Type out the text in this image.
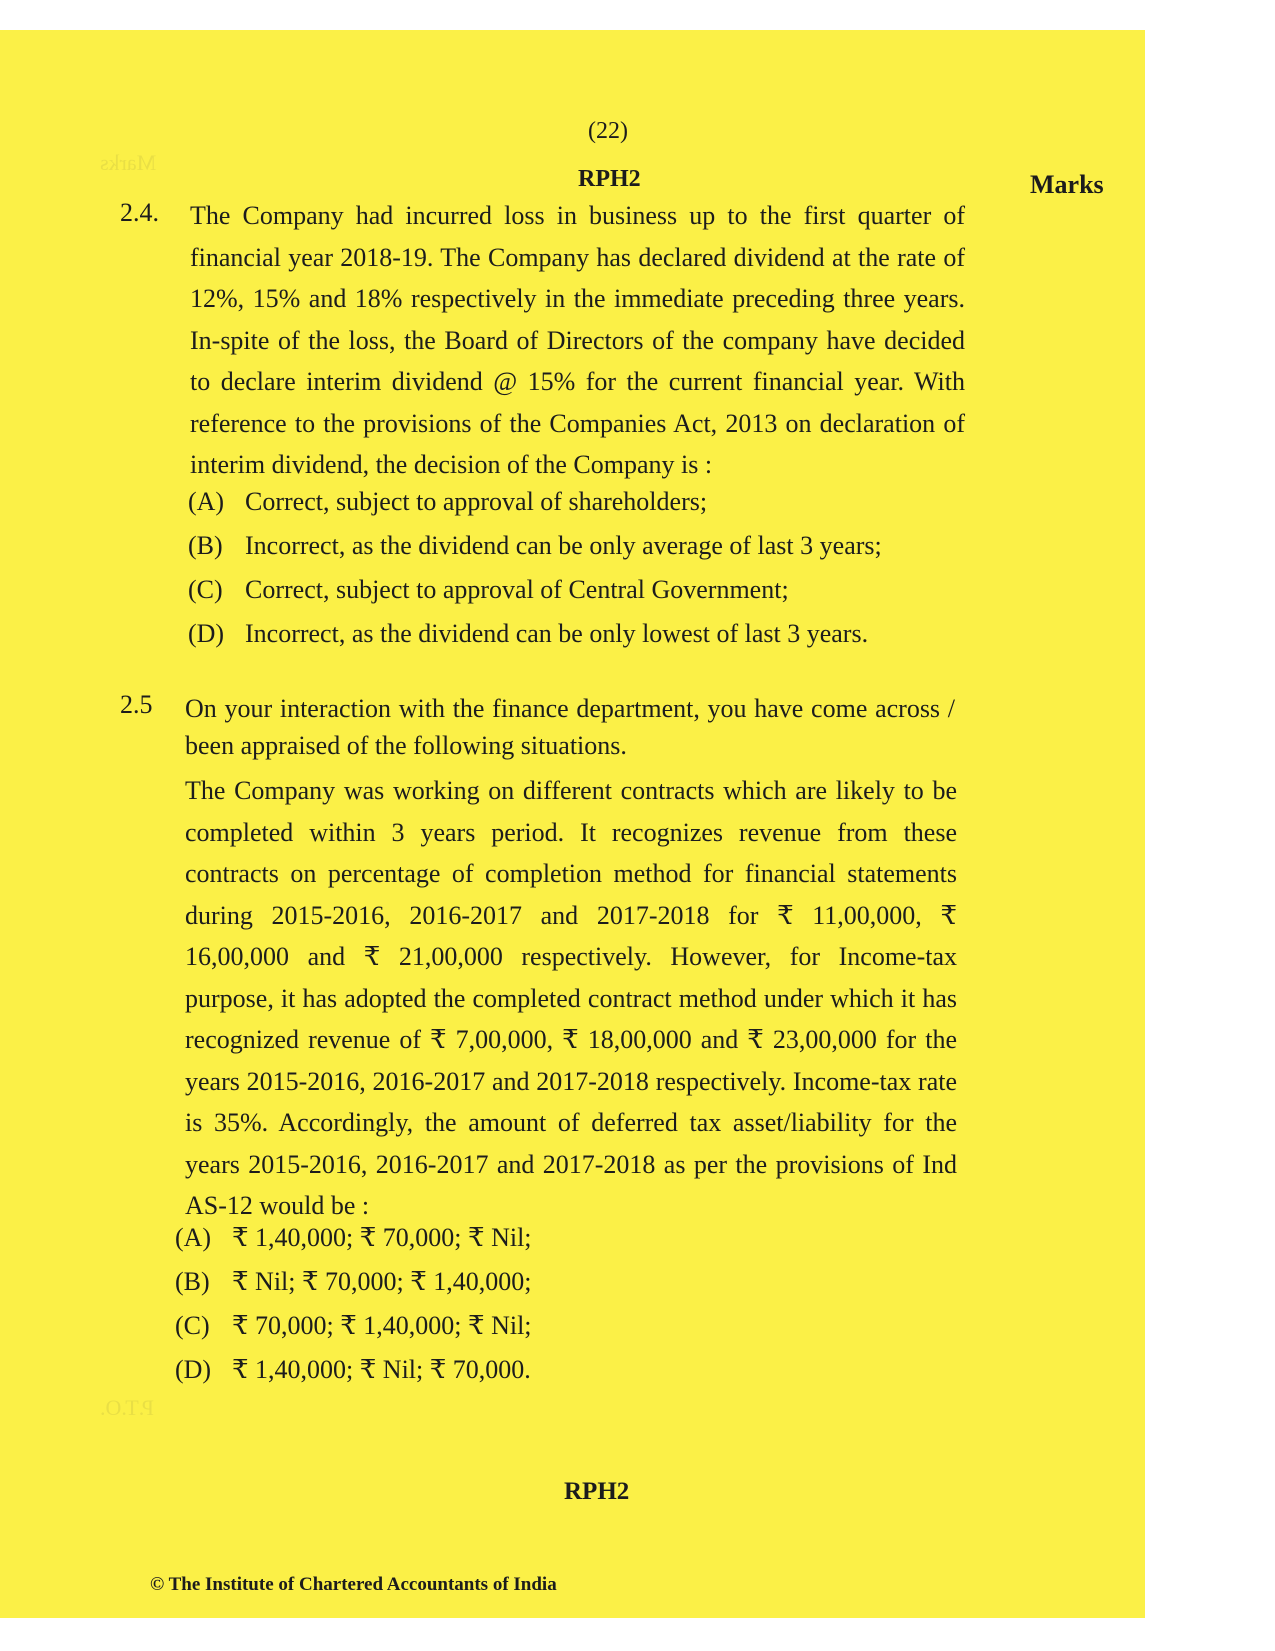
Marks
P.T.O.
(22)
RPH2	Marks
2.4. The Company had incurred loss in business up to the first quarter of financial year 2018-19. The Company has declared dividend at the rate of 12%, 15% and 18% respectively in the immediate preceding three years. In-spite of the loss, the Board of Directors of the company have decided to declare interim dividend @ 15% for the current financial year. With reference to the provisions of the Companies Act, 2013 on declaration of interim dividend, the decision of the Company is :
(A) Correct, subject to approval of shareholders;
(B) Incorrect, as the dividend can be only average of last 3 years;
(C) Correct, subject to approval of Central Government;
(D) Incorrect, as the dividend can be only lowest of last 3 years.
2.5 On your interaction with the finance department, you have come across / been appraised of the following situations.
The Company was working on different contracts which are likely to be completed within 3 years period. It recognizes revenue from these contracts on percentage of completion method for financial statements during 2015-2016, 2016-2017 and 2017-2018 for ₹ 11,00,000, ₹ 16,00,000 and ₹ 21,00,000 respectively. However, for Income-tax purpose, it has adopted the completed contract method under which it has recognized revenue of ₹ 7,00,000, ₹ 18,00,000 and ₹ 23,00,000 for the years 2015-2016, 2016-2017 and 2017-2018 respectively. Income-tax rate is 35%. Accordingly, the amount of deferred tax asset/liability for the years 2015-2016, 2016-2017 and 2017-2018 as per the provisions of Ind AS-12 would be :
(A) ₹ 1,40,000; ₹ 70,000; ₹ Nil;
(B) ₹ Nil; ₹ 70,000; ₹ 1,40,000;
(C) ₹ 70,000; ₹ 1,40,000; ₹ Nil;
(D) ₹ 1,40,000; ₹ Nil; ₹ 70,000.
RPH2
© The Institute of Chartered Accountants of India
